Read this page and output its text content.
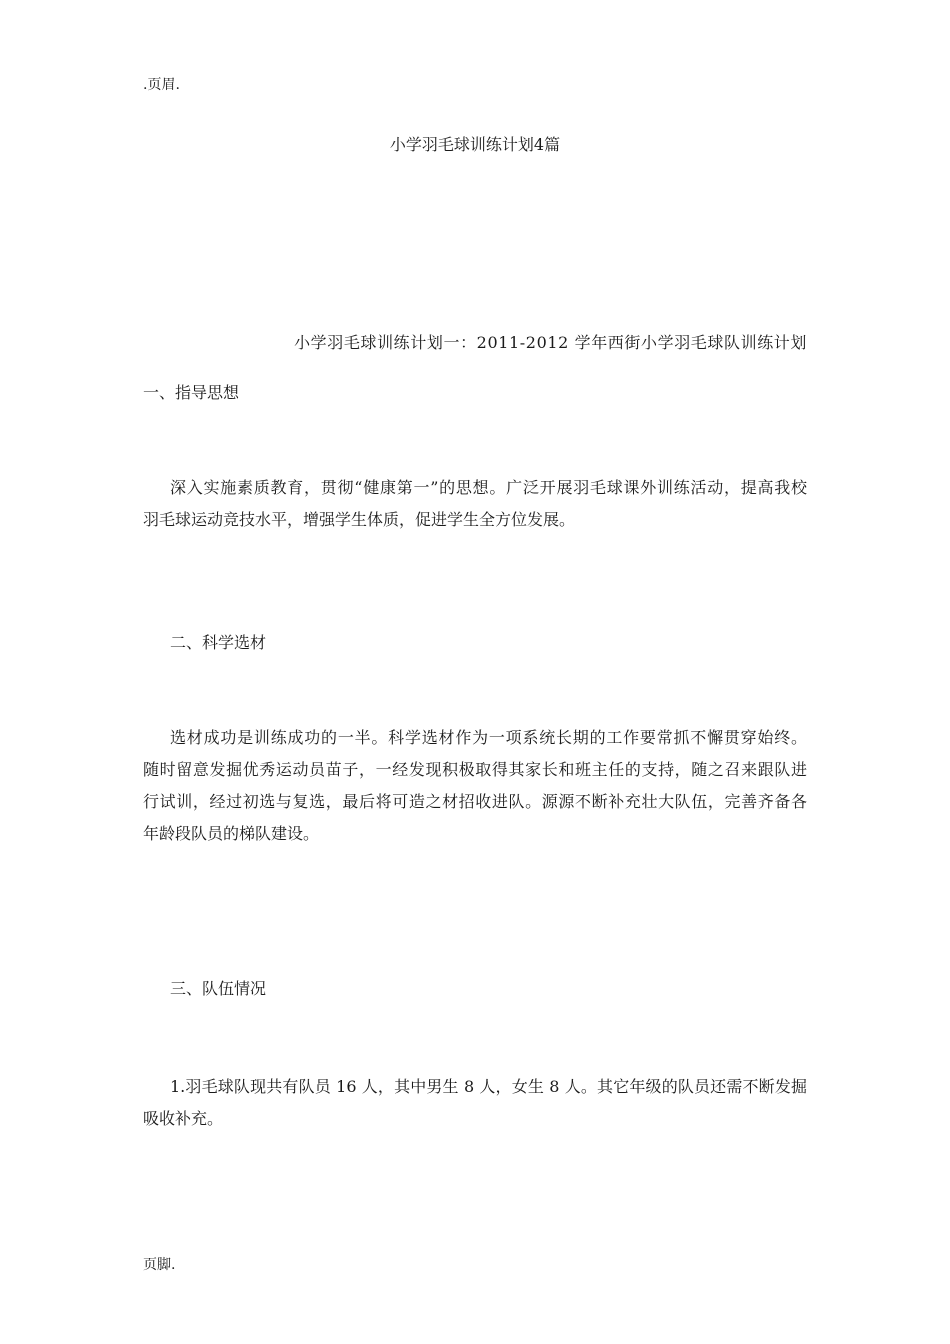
.页眉.
小学羽毛球训练计划4篇
小学羽毛球训练计划一：2011-2012 学年西街小学羽毛球队训练计划
一、指导思想
深入实施素质教育，贯彻“健康第一”的思想。广泛开展羽毛球课外训练活动，提高我校
羽毛球运动竞技水平，增强学生体质，促进学生全方位发展。
二、科学选材
选材成功是训练成功的一半。科学选材作为一项系统长期的工作要常抓不懈贯穿始终。
随时留意发掘优秀运动员苗子，一经发现积极取得其家长和班主任的支持，随之召来跟队进
行试训，经过初选与复选，最后将可造之材招收进队。源源不断补充壮大队伍，完善齐备各
年龄段队员的梯队建设。
三、队伍情况
1.羽毛球队现共有队员 16 人，其中男生 8 人，女生 8 人。其它年级的队员还需不断发掘
吸收补充。
页脚.
